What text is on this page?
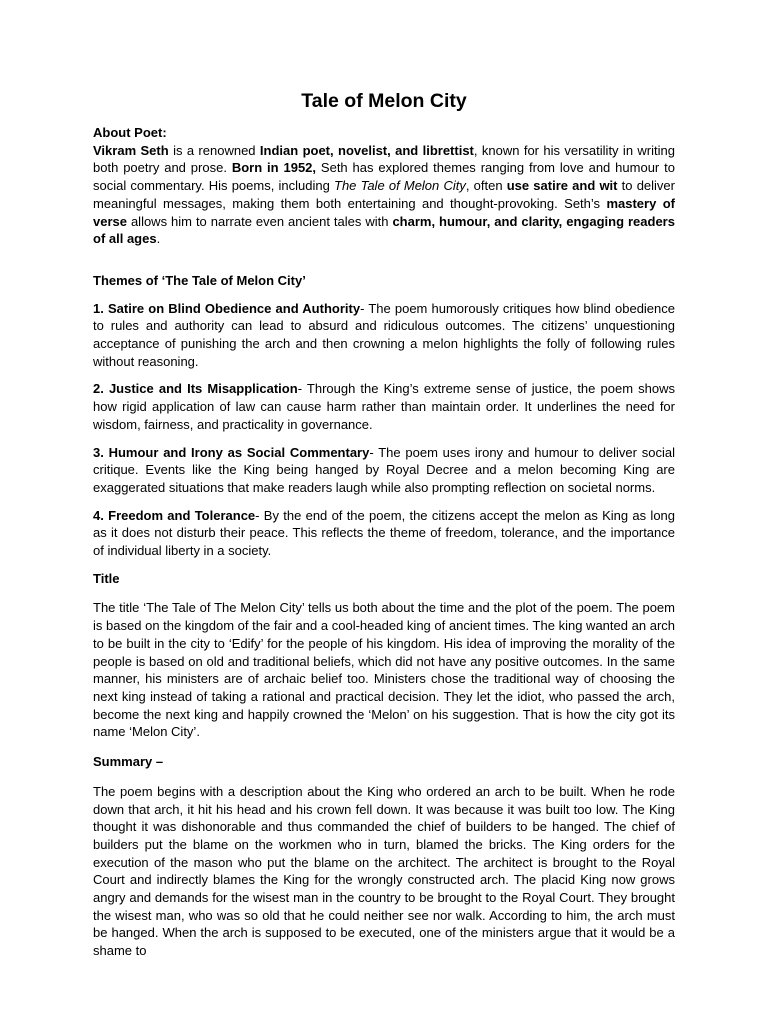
Tale of Melon City
About Poet:

Vikram Seth is a renowned Indian poet, novelist, and librettist, known for his versatility in writing both poetry and prose. Born in 1952, Seth has explored themes ranging from love and humour to social commentary. His poems, including The Tale of Melon City, often use satire and wit to deliver meaningful messages, making them both entertaining and thought-provoking. Seth’s mastery of verse allows him to narrate even ancient tales with charm, humour, and clarity, engaging readers of all ages.

Themes of ‘The Tale of Melon City’

1. Satire on Blind Obedience and Authority- The poem humorously critiques how blind obedience to rules and authority can lead to absurd and ridiculous outcomes. The citizens’ unquestioning acceptance of punishing the arch and then crowning a melon highlights the folly of following rules without reasoning.

2. Justice and Its Misapplication- Through the King’s extreme sense of justice, the poem shows how rigid application of law can cause harm rather than maintain order. It underlines the need for wisdom, fairness, and practicality in governance.

3. Humour and Irony as Social Commentary- The poem uses irony and humour to deliver social critique. Events like the King being hanged by Royal Decree and a melon becoming King are exaggerated situations that make readers laugh while also prompting reflection on societal norms.

4. Freedom and Tolerance- By the end of the poem, the citizens accept the melon as King as long as it does not disturb their peace. This reflects the theme of freedom, tolerance, and the importance of individual liberty in a society.

Title

The title ‘The Tale of The Melon City’ tells us both about the time and the plot of the poem. The poem is based on the kingdom of the fair and a cool-headed king of ancient times. The king wanted an arch to be built in the city to ‘Edify’ for the people of his kingdom. His idea of improving the morality of the people is based on old and traditional beliefs, which did not have any positive outcomes. In the same manner, his ministers are of archaic belief too. Ministers chose the traditional way of choosing the next king instead of taking a rational and practical decision. They let the idiot, who passed the arch, become the next king and happily crowned the ‘Melon’ on his suggestion. That is how the city got its name ‘Melon City’.

Summary –

The poem begins with a description about the King who ordered an arch to be built. When he rode down that arch, it hit his head and his crown fell down. It was because it was built too low. The King thought it was dishonorable and thus commanded the chief of builders to be hanged. The chief of builders put the blame on the workmen who in turn, blamed the bricks. The King orders for the execution of the mason who put the blame on the architect. The architect is brought to the Royal Court and indirectly blames the King for the wrongly constructed arch. The placid King now grows angry and demands for the wisest man in the country to be brought to the Royal Court. They brought the wisest man, who was so old that he could neither see nor walk. According to him, the arch must be hanged. When the arch is supposed to be executed, one of the ministers argue that it would be a shame to
